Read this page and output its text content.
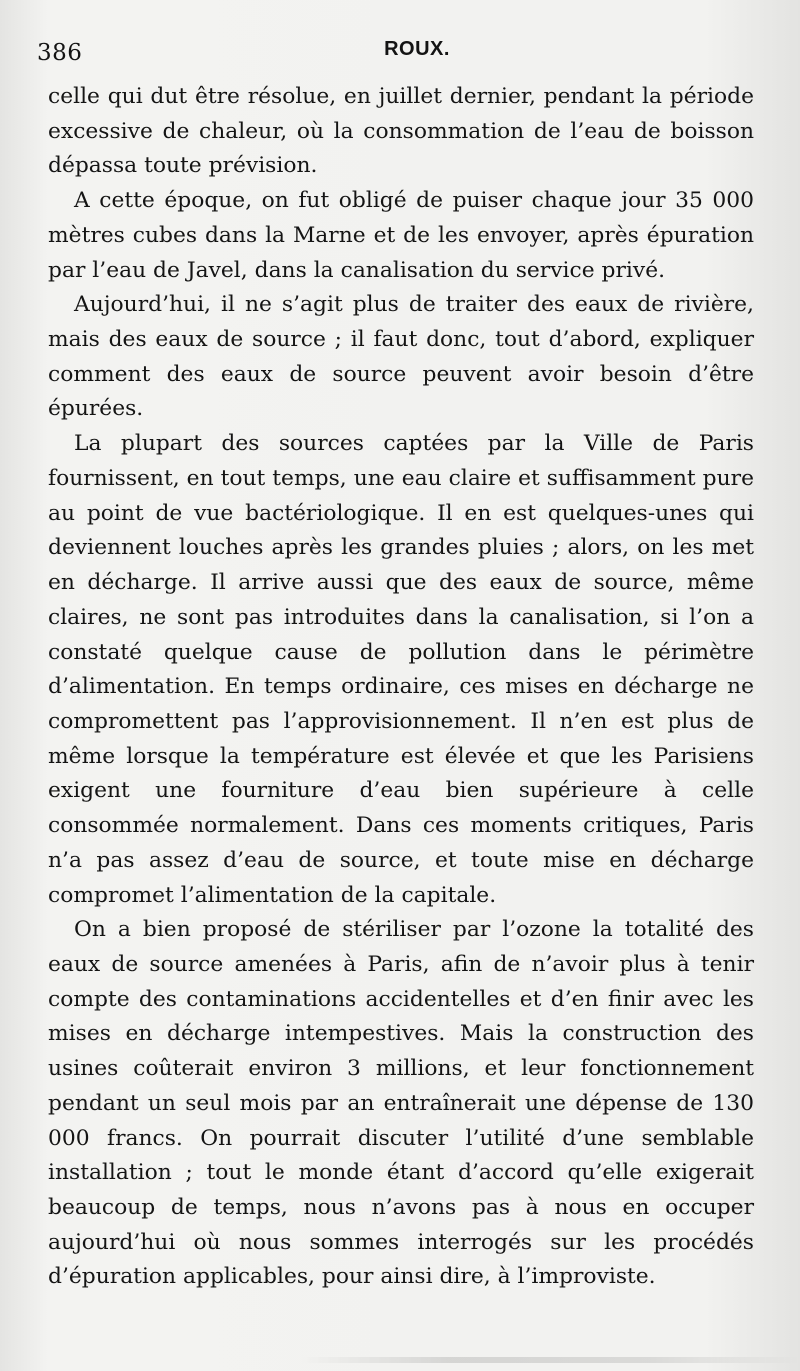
386	ROUX.

celle qui dut être résolue, en juillet dernier, pendant la période excessive de chaleur, où la consommation de l’eau de boisson dépassa toute prévision.

A cette époque, on fut obligé de puiser chaque jour 35 000 mètres cubes dans la Marne et de les envoyer, après épuration par l’eau de Javel, dans la canalisation du service privé.

Aujourd’hui, il ne s’agit plus de traiter des eaux de rivière, mais des eaux de source ; il faut donc, tout d’abord, expliquer comment des eaux de source peuvent avoir besoin d’être épurées.

La plupart des sources captées par la Ville de Paris fournissent, en tout temps, une eau claire et suffisamment pure au point de vue bactériologique. Il en est quelques-unes qui deviennent louches après les grandes pluies ; alors, on les met en décharge. Il arrive aussi que des eaux de source, même claires, ne sont pas introduites dans la canalisation, si l’on a constaté quelque cause de pollution dans le périmètre d’alimentation. En temps ordinaire, ces mises en décharge ne compromettent pas l’approvisionnement. Il n’en est plus de même lorsque la température est élevée et que les Parisiens exigent une fourniture d’eau bien supérieure à celle consommée normalement. Dans ces moments critiques, Paris n’a pas assez d’eau de source, et toute mise en décharge compromet l’alimentation de la capitale.

On a bien proposé de stériliser par l’ozone la totalité des eaux de source amenées à Paris, afin de n’avoir plus à tenir compte des contaminations accidentelles et d’en finir avec les mises en décharge intempestives. Mais la construction des usines coûterait environ 3 millions, et leur fonctionnement pendant un seul mois par an entraînerait une dépense de 130 000 francs. On pourrait discuter l’utilité d’une semblable installation ; tout le monde étant d’accord qu’elle exigerait beaucoup de temps, nous n’avons pas à nous en occuper aujourd’hui où nous sommes interrogés sur les procédés d’épuration applicables, pour ainsi dire, à l’improviste.
